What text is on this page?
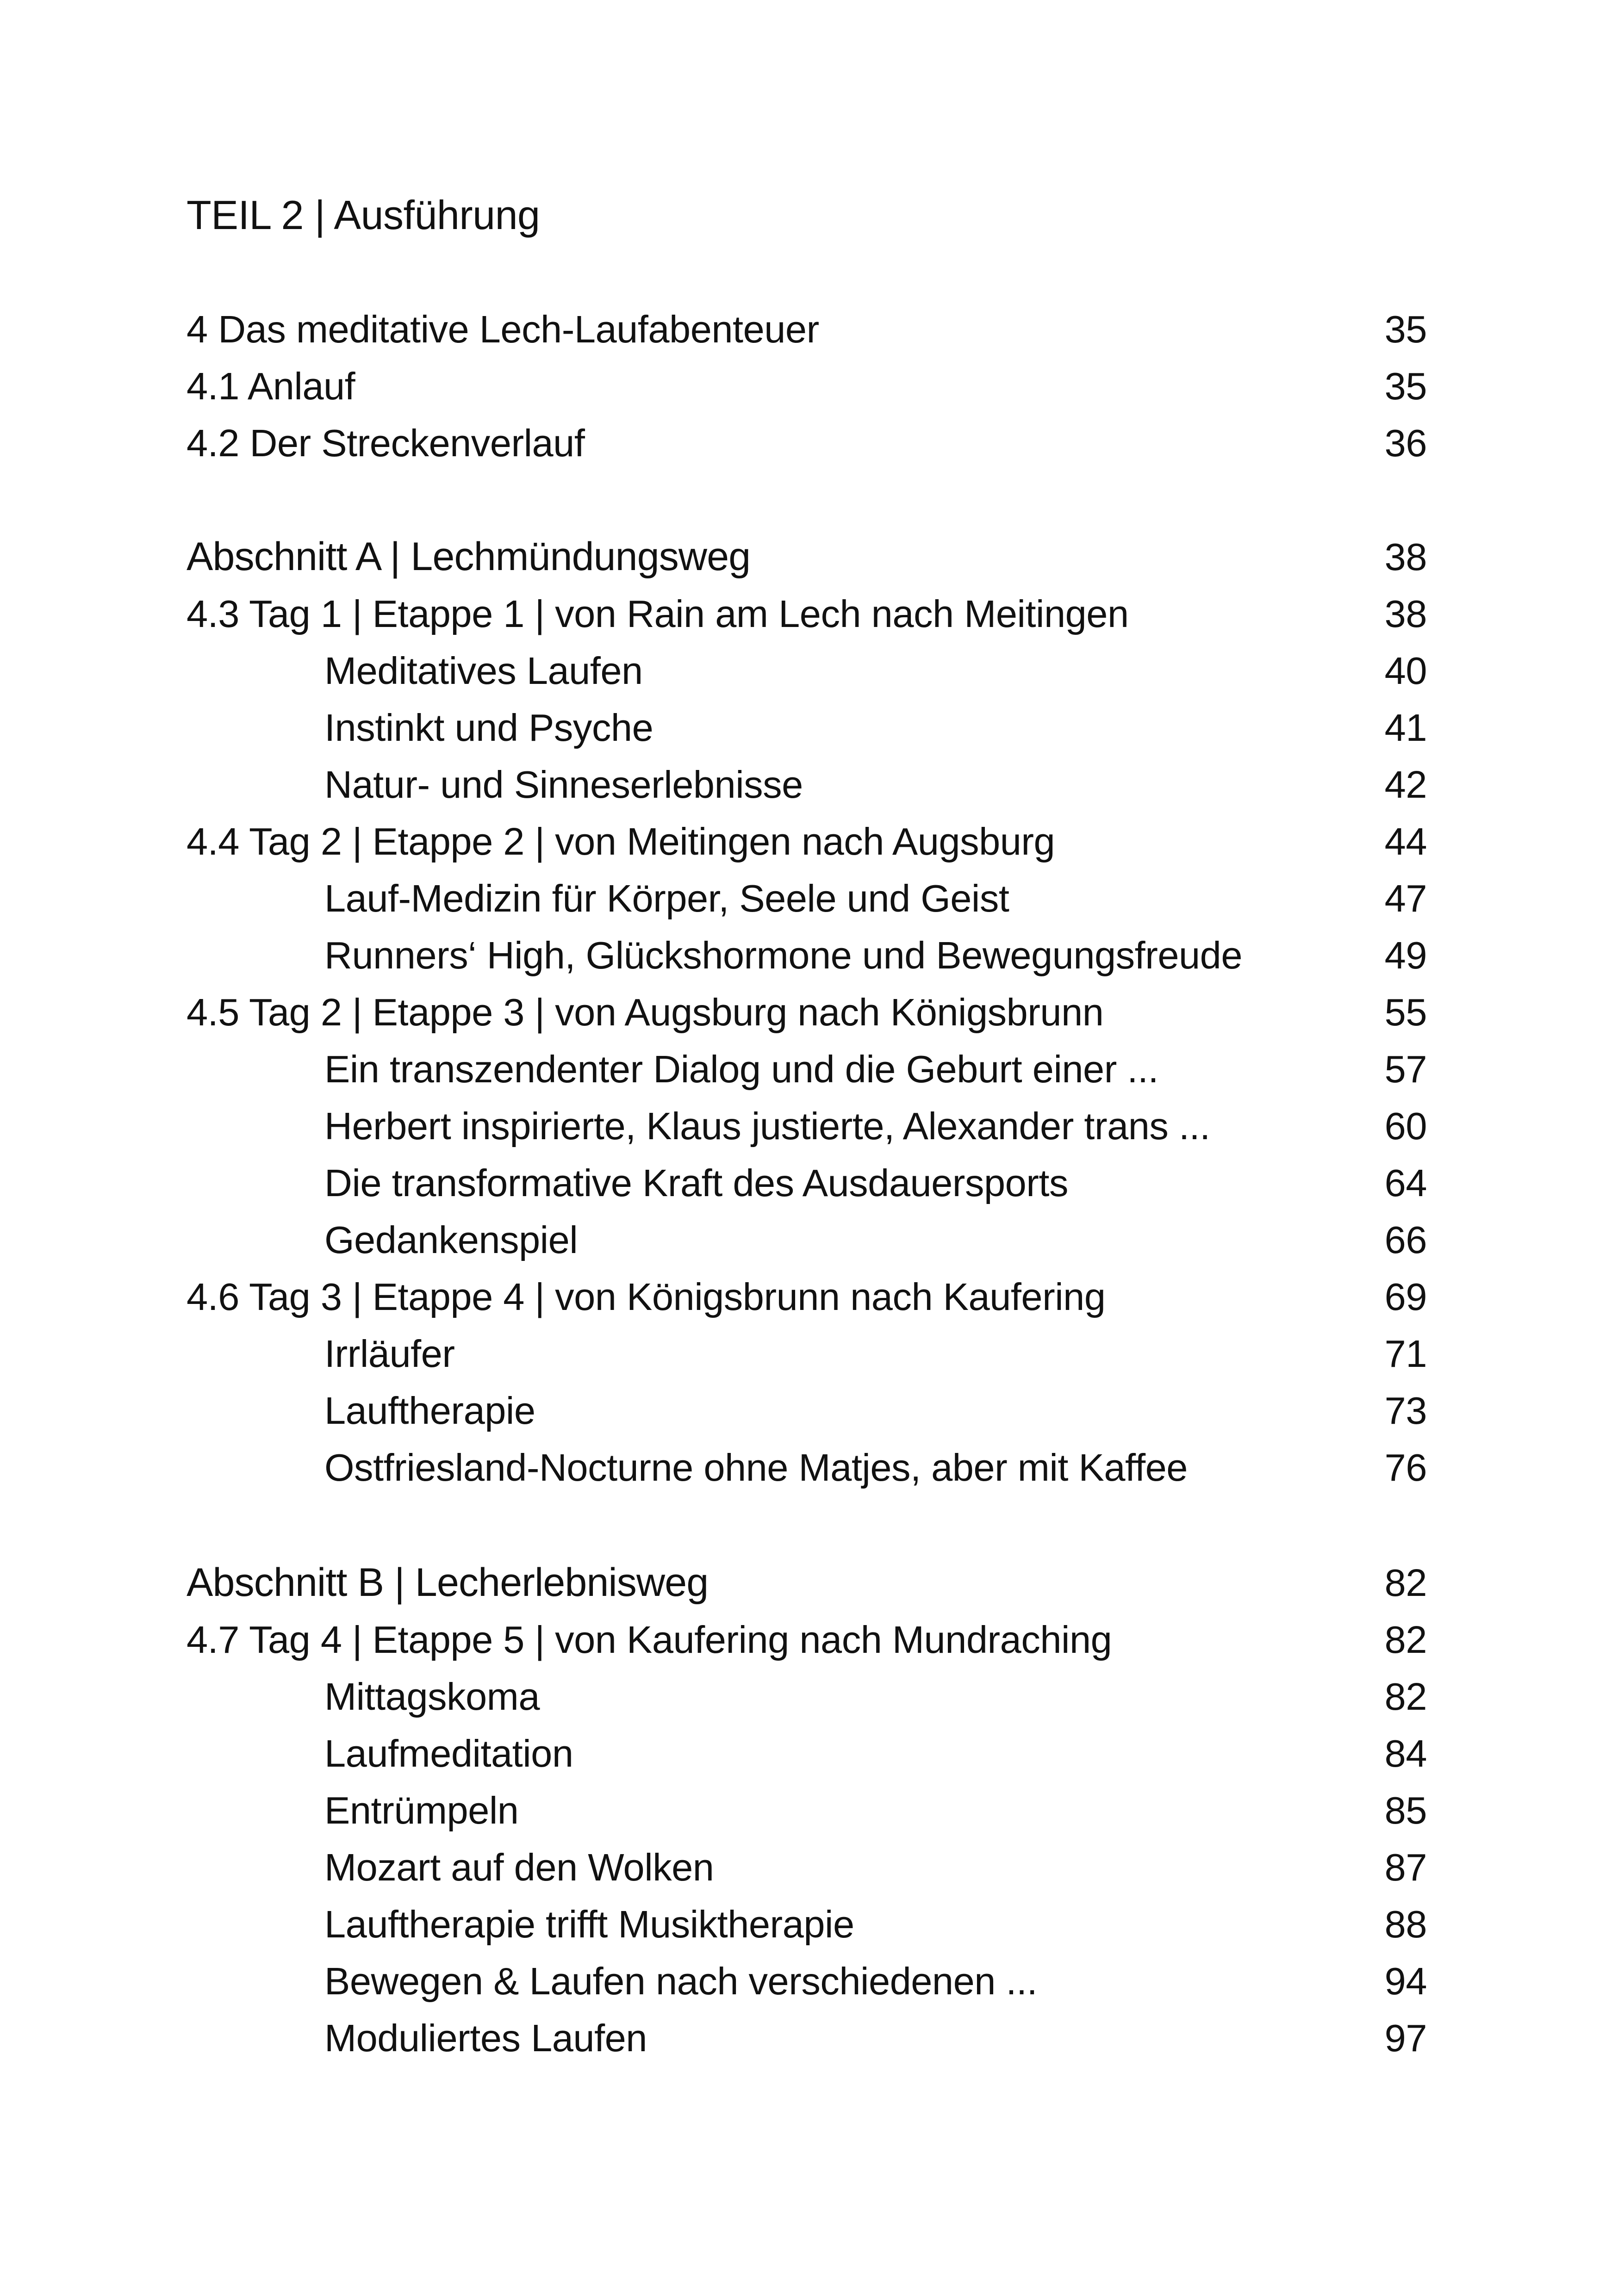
TEIL 2 | Ausführung
4 Das meditative Lech-Laufabenteuer	35
4.1 Anlauf	35
4.2 Der Streckenverlauf	36
Abschnitt A | Lechmündungsweg	38
4.3 Tag 1 | Etappe 1 | von Rain am Lech nach Meitingen	38
Meditatives Laufen	40
Instinkt und Psyche	41
Natur- und Sinneserlebnisse	42
4.4 Tag 2 | Etappe 2 | von Meitingen nach Augsburg	44
Lauf-Medizin für Körper, Seele und Geist	47
Runners‘ High, Glückshormone und Bewegungsfreude	49
4.5 Tag 2 | Etappe 3 | von Augsburg nach Königsbrunn	55
Ein transzendenter Dialog und die Geburt einer ...	57
Herbert inspirierte, Klaus justierte, Alexander trans ...	60
Die transformative Kraft des Ausdauersports	64
Gedankenspiel	66
4.6 Tag 3 | Etappe 4 | von Königsbrunn nach Kaufering	69
Irrläufer	71
Lauftherapie	73
Ostfriesland-Nocturne ohne Matjes, aber mit Kaffee	76
Abschnitt B | Lecherlebnisweg	82
4.7 Tag 4 | Etappe 5 | von Kaufering nach Mundraching	82
Mittagskoma	82
Laufmeditation	84
Entrümpeln	85
Mozart auf den Wolken	87
Lauftherapie trifft Musiktherapie	88
Bewegen & Laufen nach verschiedenen ...	94
Moduliertes Laufen	97
